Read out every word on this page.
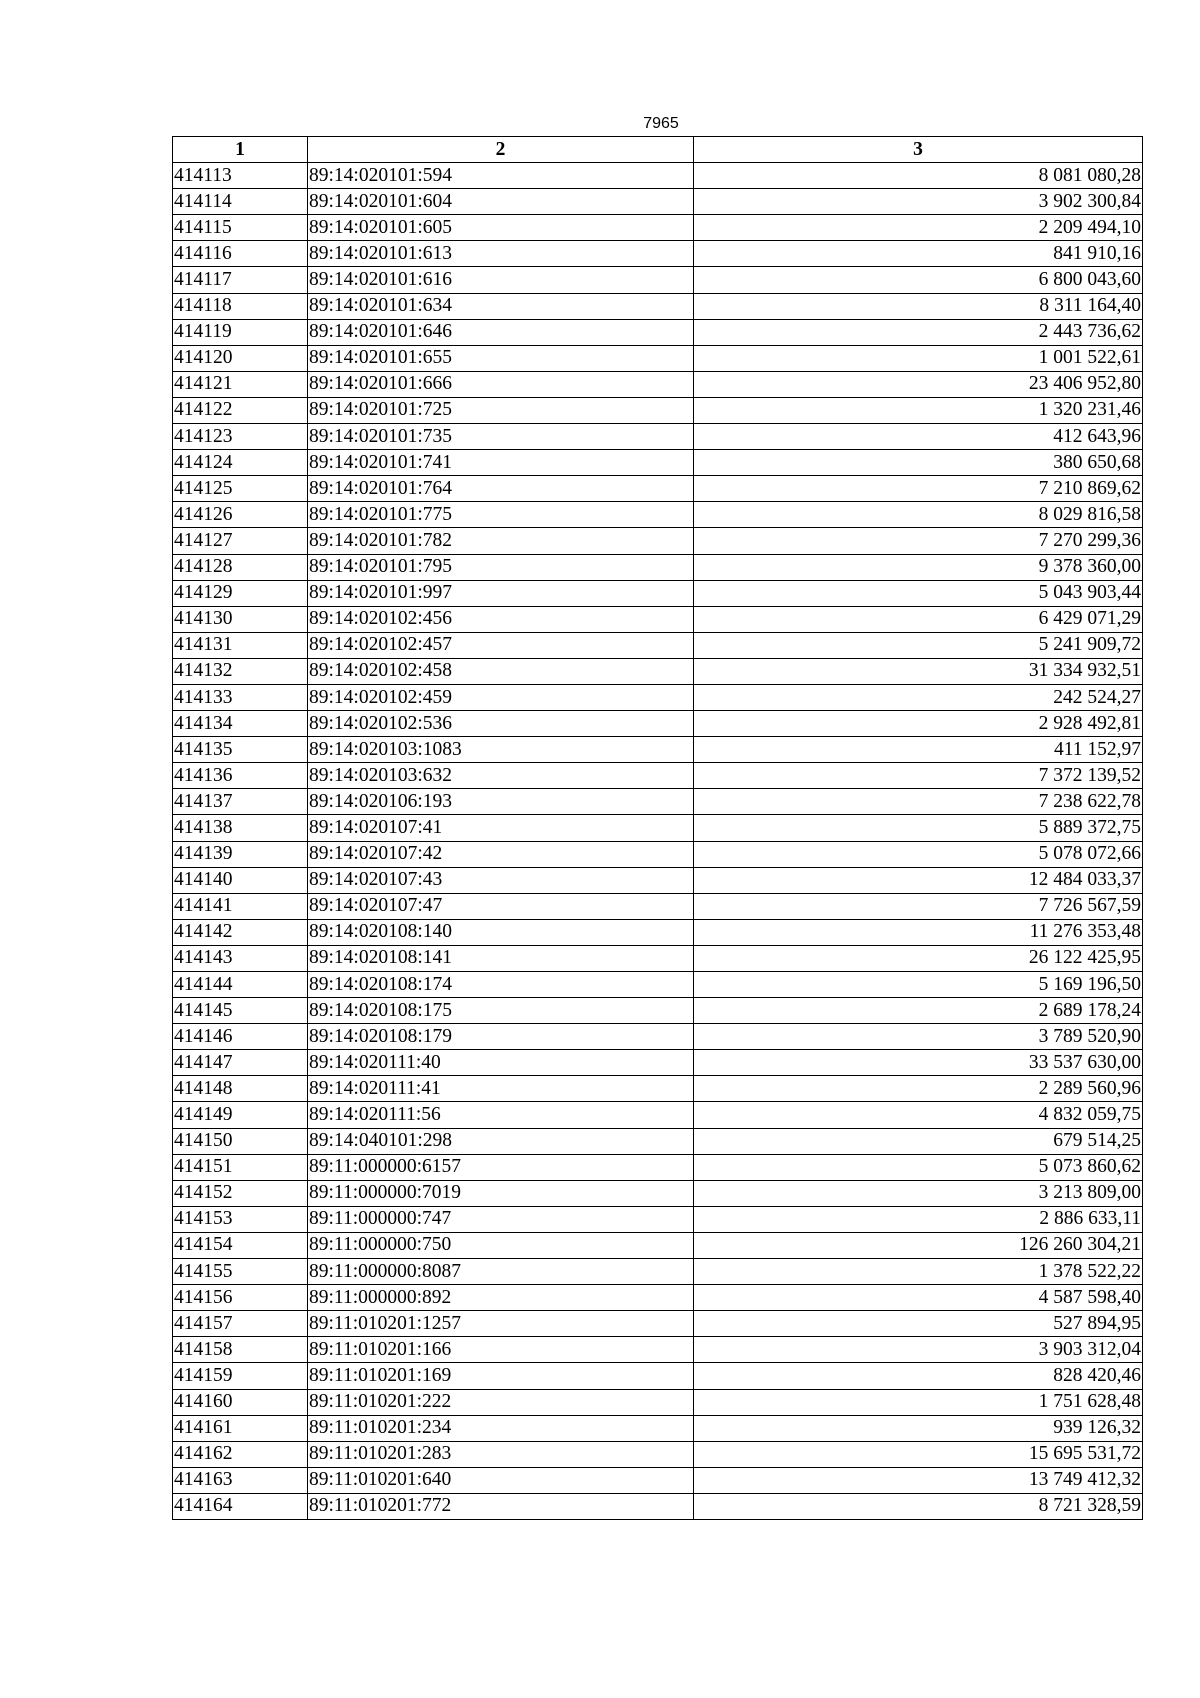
7965
1	2	3
414113	89:14:020101:594	8 081 080,28
414114	89:14:020101:604	3 902 300,84
414115	89:14:020101:605	2 209 494,10
414116	89:14:020101:613	841 910,16
414117	89:14:020101:616	6 800 043,60
414118	89:14:020101:634	8 311 164,40
414119	89:14:020101:646	2 443 736,62
414120	89:14:020101:655	1 001 522,61
414121	89:14:020101:666	23 406 952,80
414122	89:14:020101:725	1 320 231,46
414123	89:14:020101:735	412 643,96
414124	89:14:020101:741	380 650,68
414125	89:14:020101:764	7 210 869,62
414126	89:14:020101:775	8 029 816,58
414127	89:14:020101:782	7 270 299,36
414128	89:14:020101:795	9 378 360,00
414129	89:14:020101:997	5 043 903,44
414130	89:14:020102:456	6 429 071,29
414131	89:14:020102:457	5 241 909,72
414132	89:14:020102:458	31 334 932,51
414133	89:14:020102:459	242 524,27
414134	89:14:020102:536	2 928 492,81
414135	89:14:020103:1083	411 152,97
414136	89:14:020103:632	7 372 139,52
414137	89:14:020106:193	7 238 622,78
414138	89:14:020107:41	5 889 372,75
414139	89:14:020107:42	5 078 072,66
414140	89:14:020107:43	12 484 033,37
414141	89:14:020107:47	7 726 567,59
414142	89:14:020108:140	11 276 353,48
414143	89:14:020108:141	26 122 425,95
414144	89:14:020108:174	5 169 196,50
414145	89:14:020108:175	2 689 178,24
414146	89:14:020108:179	3 789 520,90
414147	89:14:020111:40	33 537 630,00
414148	89:14:020111:41	2 289 560,96
414149	89:14:020111:56	4 832 059,75
414150	89:14:040101:298	679 514,25
414151	89:11:000000:6157	5 073 860,62
414152	89:11:000000:7019	3 213 809,00
414153	89:11:000000:747	2 886 633,11
414154	89:11:000000:750	126 260 304,21
414155	89:11:000000:8087	1 378 522,22
414156	89:11:000000:892	4 587 598,40
414157	89:11:010201:1257	527 894,95
414158	89:11:010201:166	3 903 312,04
414159	89:11:010201:169	828 420,46
414160	89:11:010201:222	1 751 628,48
414161	89:11:010201:234	939 126,32
414162	89:11:010201:283	15 695 531,72
414163	89:11:010201:640	13 749 412,32
414164	89:11:010201:772	8 721 328,59
